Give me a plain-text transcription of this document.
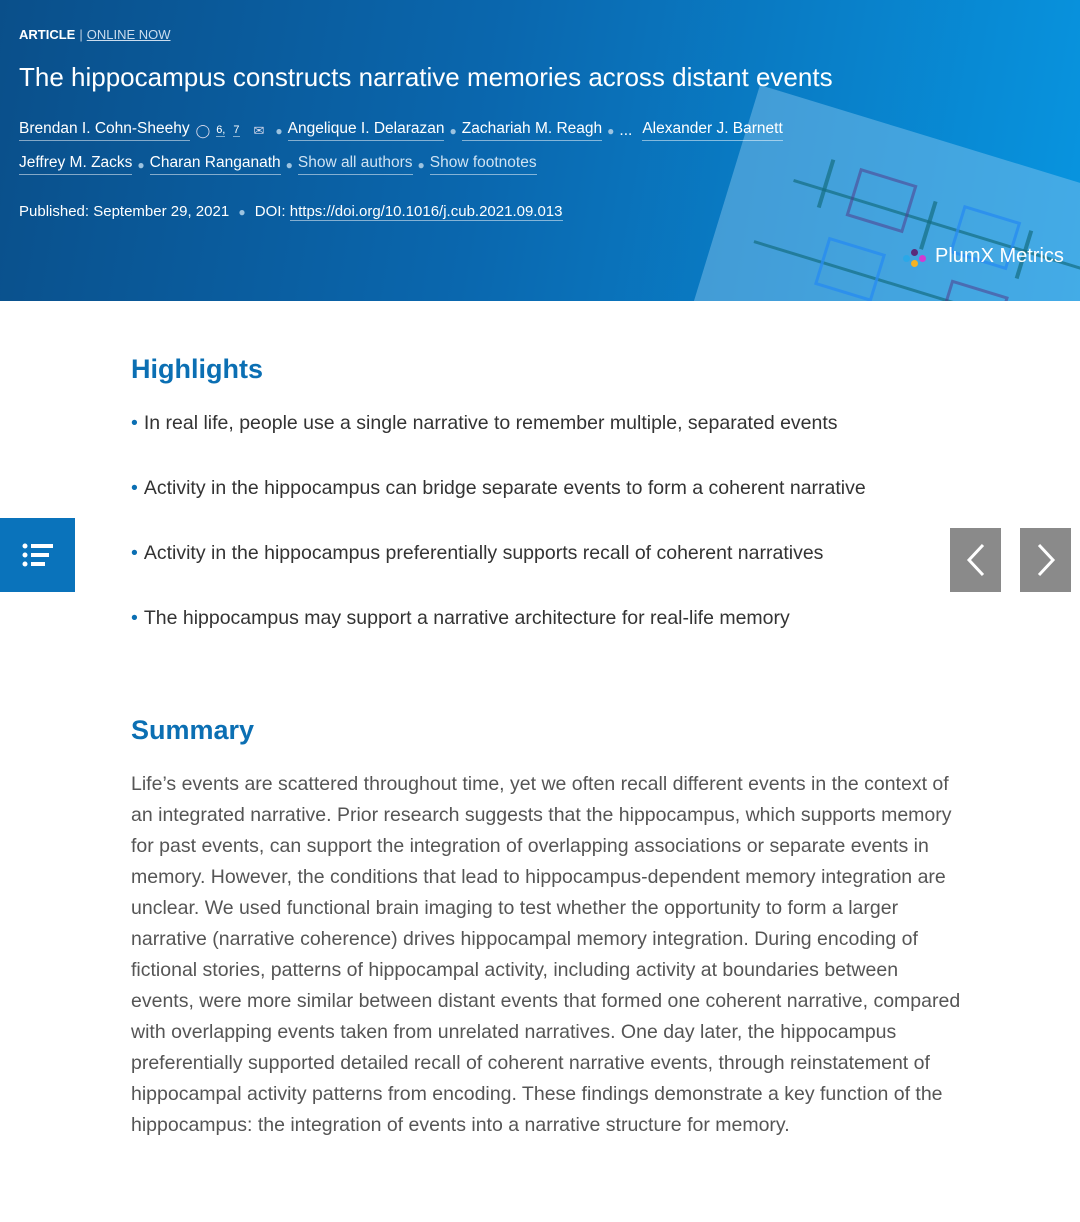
ARTICLE | ONLINE NOW
The hippocampus constructs narrative memories across distant events
Brendan I. Cohn-Sheehy ◯ 6, 7 ✉ ● Angelique I. Delarazan ● Zachariah M. Reagh ● ... Alexander J. Barnett
Jeffrey M. Zacks ● Charan Ranganath ● Show all authors ● Show footnotes
Published: September 29, 2021 ● DOI: https://doi.org/10.1016/j.cub.2021.09.013
PlumX Metrics
Highlights
• In real life, people use a single narrative to remember multiple, separated events
• Activity in the hippocampus can bridge separate events to form a coherent narrative
• Activity in the hippocampus preferentially supports recall of coherent narratives
• The hippocampus may support a narrative architecture for real-life memory
Summary

Life’s events are scattered throughout time, yet we often recall different events in the context of an integrated narrative. Prior research suggests that the hippocampus, which supports memory for past events, can support the integration of overlapping associations or separate events in memory. However, the conditions that lead to hippocampus-dependent memory integration are unclear. We used functional brain imaging to test whether the opportunity to form a larger narrative (narrative coherence) drives hippocampal memory integration. During encoding of fictional stories, patterns of hippocampal activity, including activity at boundaries between events, were more similar between distant events that formed one coherent narrative, compared with overlapping events taken from unrelated narratives. One day later, the hippocampus preferentially supported detailed recall of coherent narrative events, through reinstatement of hippocampal activity patterns from encoding. These findings demonstrate a key function of the hippocampus: the integration of events into a narrative structure for memory.
